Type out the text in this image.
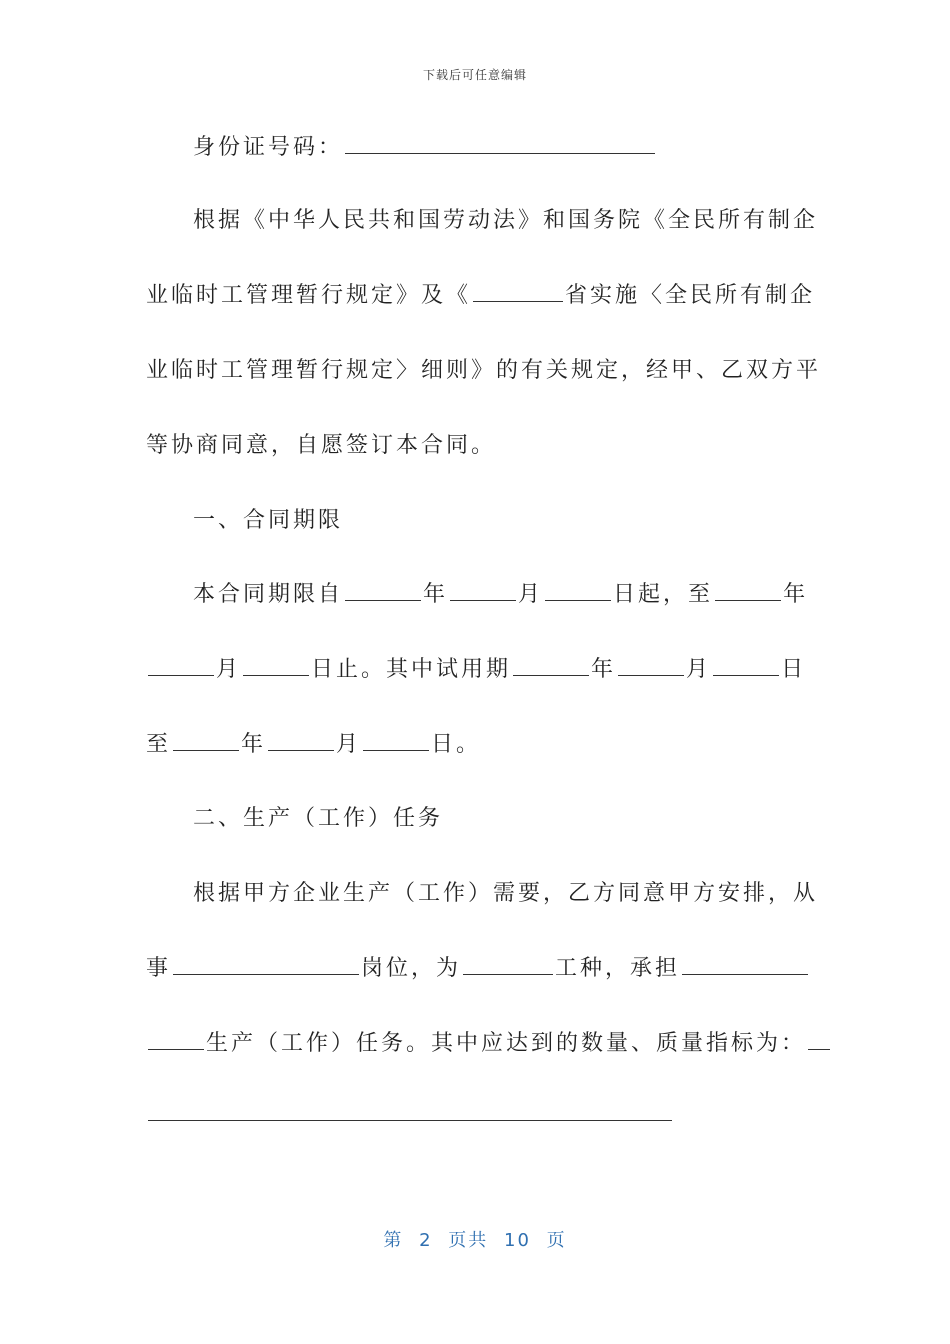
下载后可任意编辑
身份证号码：
根据《中华人民共和国劳动法》和国务院《全民所有制企
业临时工管理暂行规定》及《	省实施〈全民所有制企
业临时工管理暂行规定〉细则》的有关规定，经甲、乙双方平
等协商同意，自愿签订本合同。
一、合同期限
本合同期限自	年	月	日起，至	年
月	日止。其中试用期	年	月	日
至	年	月	日。
二、生产（工作）任务
根据甲方企业生产（工作）需要，乙方同意甲方安排，从
事	岗位，为	工种，承担
生产（工作）任务。其中应达到的数量、质量指标为：
第 2 页共 10 页
